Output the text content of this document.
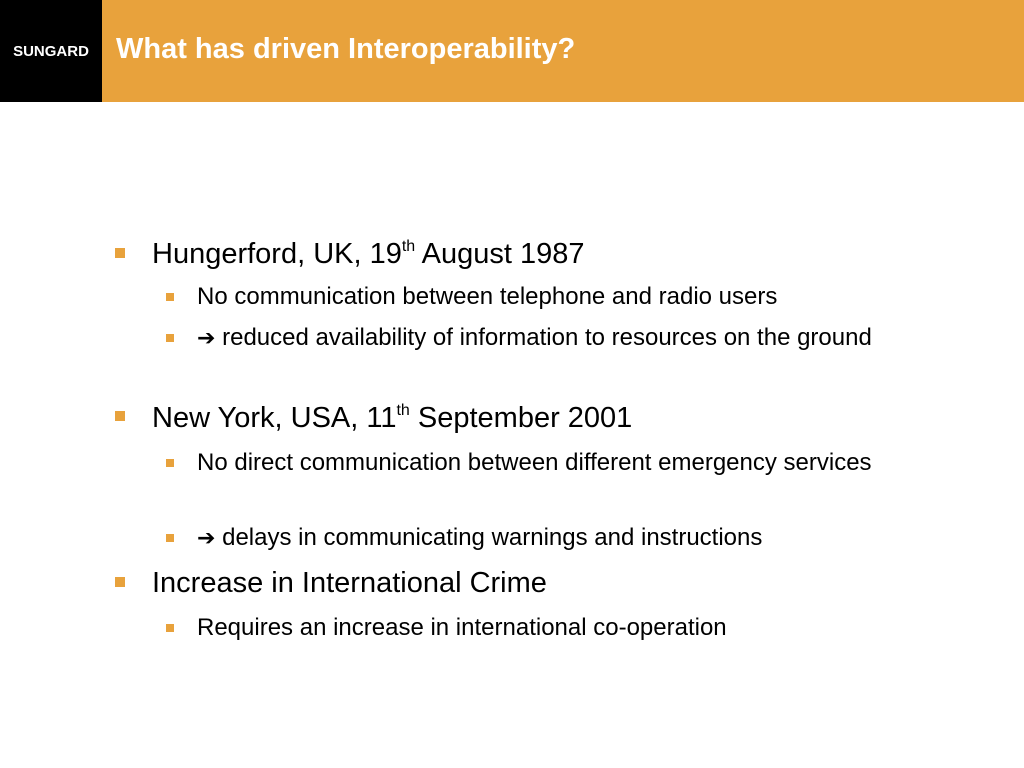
SUNGARD What has driven Interoperability?
Hungerford, UK, 19th August 1987
No communication between telephone and radio users
➔ reduced availability of information to resources on the ground
New York, USA, 11th September 2001
No direct communication between different emergency services
➔ delays in communicating warnings and instructions
Increase in International Crime
Requires an increase in international co-operation
